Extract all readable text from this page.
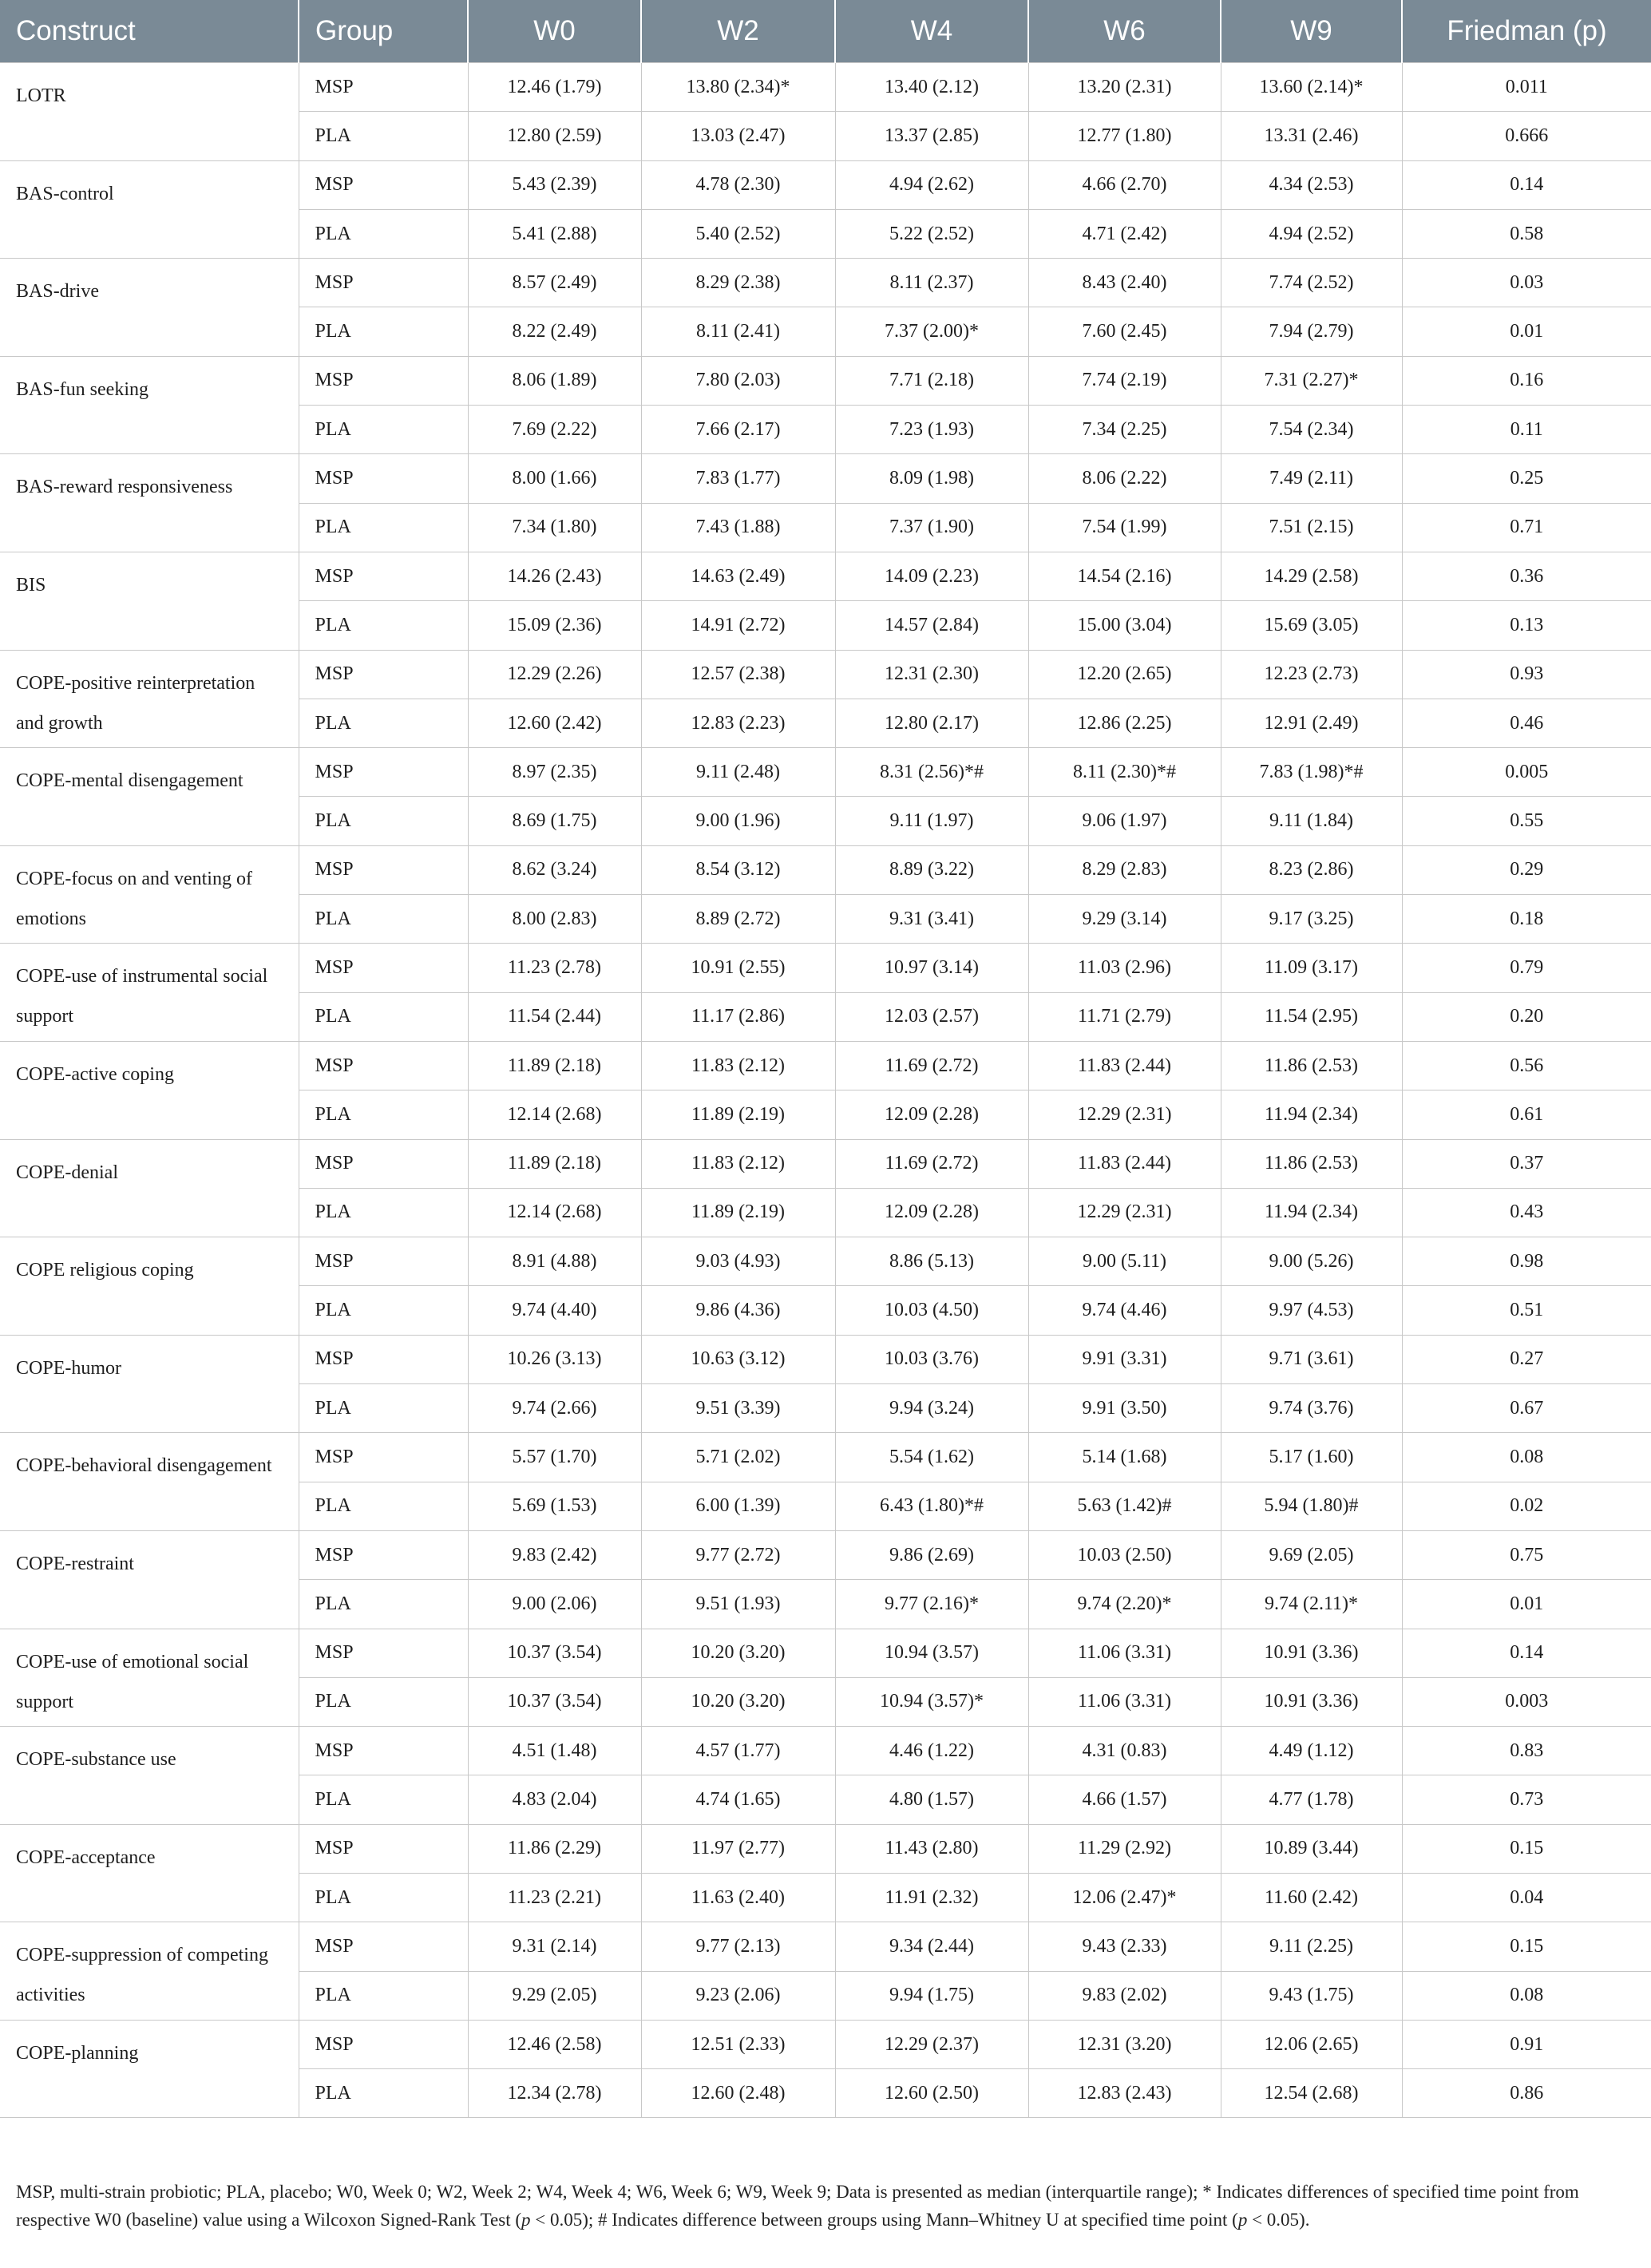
Construct	Group	W0	W2	W4	W6	W9	Friedman (p)
LOTR	MSP	12.46 (1.79)	13.80 (2.34)*	13.40 (2.12)	13.20 (2.31)	13.60 (2.14)*	0.011
	PLA	12.80 (2.59)	13.03 (2.47)	13.37 (2.85)	12.77 (1.80)	13.31 (2.46)	0.666
BAS-control	MSP	5.43 (2.39)	4.78 (2.30)	4.94 (2.62)	4.66 (2.70)	4.34 (2.53)	0.14
	PLA	5.41 (2.88)	5.40 (2.52)	5.22 (2.52)	4.71 (2.42)	4.94 (2.52)	0.58
BAS-drive	MSP	8.57 (2.49)	8.29 (2.38)	8.11 (2.37)	8.43 (2.40)	7.74 (2.52)	0.03
	PLA	8.22 (2.49)	8.11 (2.41)	7.37 (2.00)*	7.60 (2.45)	7.94 (2.79)	0.01
BAS-fun seeking	MSP	8.06 (1.89)	7.80 (2.03)	7.71 (2.18)	7.74 (2.19)	7.31 (2.27)*	0.16
	PLA	7.69 (2.22)	7.66 (2.17)	7.23 (1.93)	7.34 (2.25)	7.54 (2.34)	0.11
BAS-reward responsiveness	MSP	8.00 (1.66)	7.83 (1.77)	8.09 (1.98)	8.06 (2.22)	7.49 (2.11)	0.25
	PLA	7.34 (1.80)	7.43 (1.88)	7.37 (1.90)	7.54 (1.99)	7.51 (2.15)	0.71
BIS	MSP	14.26 (2.43)	14.63 (2.49)	14.09 (2.23)	14.54 (2.16)	14.29 (2.58)	0.36
	PLA	15.09 (2.36)	14.91 (2.72)	14.57 (2.84)	15.00 (3.04)	15.69 (3.05)	0.13
COPE-positive reinterpretation and growth	MSP	12.29 (2.26)	12.57 (2.38)	12.31 (2.30)	12.20 (2.65)	12.23 (2.73)	0.93
	PLA	12.60 (2.42)	12.83 (2.23)	12.80 (2.17)	12.86 (2.25)	12.91 (2.49)	0.46
COPE-mental disengagement	MSP	8.97 (2.35)	9.11 (2.48)	8.31 (2.56)*#	8.11 (2.30)*#	7.83 (1.98)*#	0.005
	PLA	8.69 (1.75)	9.00 (1.96)	9.11 (1.97)	9.06 (1.97)	9.11 (1.84)	0.55
COPE-focus on and venting of emotions	MSP	8.62 (3.24)	8.54 (3.12)	8.89 (3.22)	8.29 (2.83)	8.23 (2.86)	0.29
	PLA	8.00 (2.83)	8.89 (2.72)	9.31 (3.41)	9.29 (3.14)	9.17 (3.25)	0.18
COPE-use of instrumental social support	MSP	11.23 (2.78)	10.91 (2.55)	10.97 (3.14)	11.03 (2.96)	11.09 (3.17)	0.79
	PLA	11.54 (2.44)	11.17 (2.86)	12.03 (2.57)	11.71 (2.79)	11.54 (2.95)	0.20
COPE-active coping	MSP	11.89 (2.18)	11.83 (2.12)	11.69 (2.72)	11.83 (2.44)	11.86 (2.53)	0.56
	PLA	12.14 (2.68)	11.89 (2.19)	12.09 (2.28)	12.29 (2.31)	11.94 (2.34)	0.61
COPE-denial	MSP	11.89 (2.18)	11.83 (2.12)	11.69 (2.72)	11.83 (2.44)	11.86 (2.53)	0.37
	PLA	12.14 (2.68)	11.89 (2.19)	12.09 (2.28)	12.29 (2.31)	11.94 (2.34)	0.43
COPE religious coping	MSP	8.91 (4.88)	9.03 (4.93)	8.86 (5.13)	9.00 (5.11)	9.00 (5.26)	0.98
	PLA	9.74 (4.40)	9.86 (4.36)	10.03 (4.50)	9.74 (4.46)	9.97 (4.53)	0.51
COPE-humor	MSP	10.26 (3.13)	10.63 (3.12)	10.03 (3.76)	9.91 (3.31)	9.71 (3.61)	0.27
	PLA	9.74 (2.66)	9.51 (3.39)	9.94 (3.24)	9.91 (3.50)	9.74 (3.76)	0.67
COPE-behavioral disengagement	MSP	5.57 (1.70)	5.71 (2.02)	5.54 (1.62)	5.14 (1.68)	5.17 (1.60)	0.08
	PLA	5.69 (1.53)	6.00 (1.39)	6.43 (1.80)*#	5.63 (1.42)#	5.94 (1.80)#	0.02
COPE-restraint	MSP	9.83 (2.42)	9.77 (2.72)	9.86 (2.69)	10.03 (2.50)	9.69 (2.05)	0.75
	PLA	9.00 (2.06)	9.51 (1.93)	9.77 (2.16)*	9.74 (2.20)*	9.74 (2.11)*	0.01
COPE-use of emotional social support	MSP	10.37 (3.54)	10.20 (3.20)	10.94 (3.57)	11.06 (3.31)	10.91 (3.36)	0.14
	PLA	10.37 (3.54)	10.20 (3.20)	10.94 (3.57)*	11.06 (3.31)	10.91 (3.36)	0.003
COPE-substance use	MSP	4.51 (1.48)	4.57 (1.77)	4.46 (1.22)	4.31 (0.83)	4.49 (1.12)	0.83
	PLA	4.83 (2.04)	4.74 (1.65)	4.80 (1.57)	4.66 (1.57)	4.77 (1.78)	0.73
COPE-acceptance	MSP	11.86 (2.29)	11.97 (2.77)	11.43 (2.80)	11.29 (2.92)	10.89 (3.44)	0.15
	PLA	11.23 (2.21)	11.63 (2.40)	11.91 (2.32)	12.06 (2.47)*	11.60 (2.42)	0.04
COPE-suppression of competing activities	MSP	9.31 (2.14)	9.77 (2.13)	9.34 (2.44)	9.43 (2.33)	9.11 (2.25)	0.15
	PLA	9.29 (2.05)	9.23 (2.06)	9.94 (1.75)	9.83 (2.02)	9.43 (1.75)	0.08
COPE-planning	MSP	12.46 (2.58)	12.51 (2.33)	12.29 (2.37)	12.31 (3.20)	12.06 (2.65)	0.91
	PLA	12.34 (2.78)	12.60 (2.48)	12.60 (2.50)	12.83 (2.43)	12.54 (2.68)	0.86
MSP, multi-strain probiotic; PLA, placebo; W0, Week 0; W2, Week 2; W4, Week 4; W6, Week 6; W9, Week 9; Data is presented as median (interquartile range); * Indicates differences of specified time point from respective W0 (baseline) value using a Wilcoxon Signed-Rank Test (p < 0.05); # Indicates difference between groups using Mann–Whitney U at specified time point (p < 0.05).
